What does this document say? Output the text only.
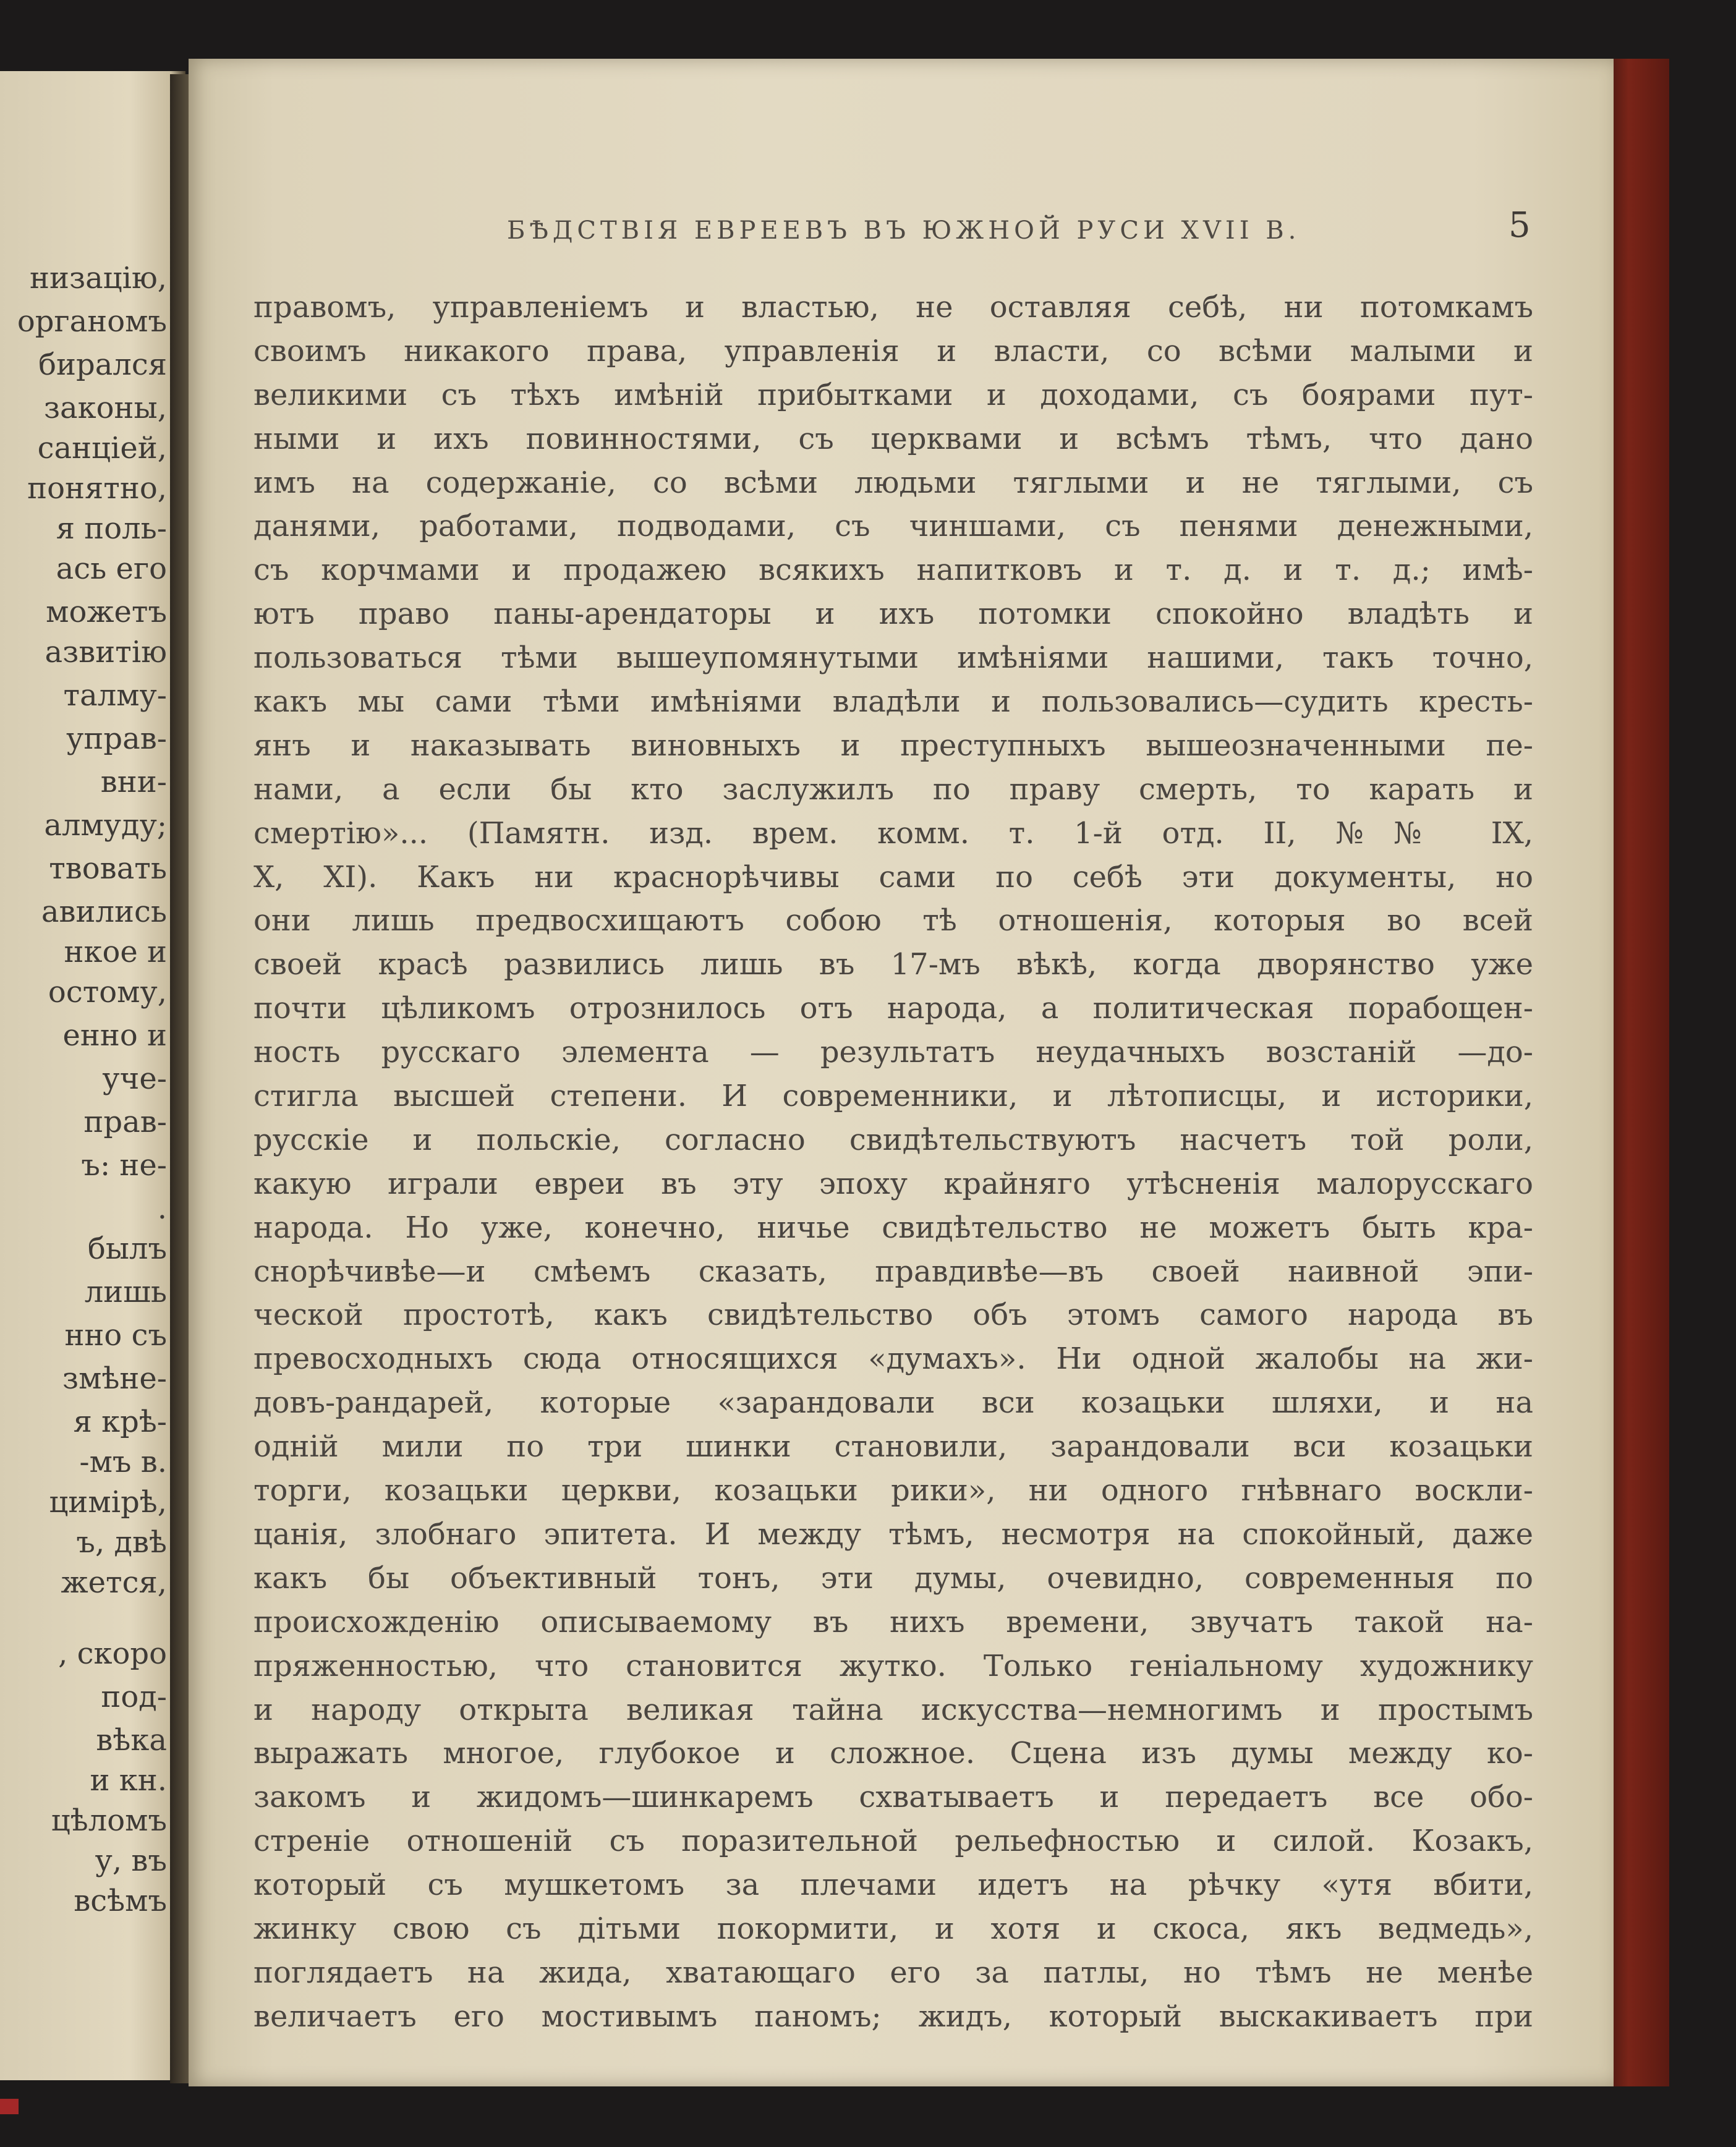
низацію,
органомъ
бирался
законы,
санціей,
понятно,
я поль-
ась его
можетъ
азвитію
талму-
управ-
вни-
алмуду;
твовать
авились
нкое и
остому,
енно и
уче-
прав-
ъ: не-
.
былъ
лишь
нно съ
змѣне-
я крѣ-
-мъ в.
цимірѣ,
ъ, двѣ
жется,
, скоро
под-
вѣка
и кн.
цѣломъ
у, въ
всѣмъ
БѢДСТВІЯ ЕВРЕЕВЪ ВЪ ЮЖНОЙ РУСИ XVII В.	5
правомъ, управленіемъ и властью, не оставляя себѣ, ни потомкамъ
своимъ никакого права, управленія и власти, со всѣми малыми и
великими съ тѣхъ имѣній прибытками и доходами, съ боярами пут-
ными и ихъ повинностями, съ церквами и всѣмъ тѣмъ, что дано
имъ на содержаніе, со всѣми людьми тяглыми и не тяглыми, съ
данями, работами, подводами, съ чиншами, съ пенями денежными,
съ корчмами и продажею всякихъ напитковъ и т. д. и т. д.; имѣ-
ютъ право паны-арендаторы и ихъ потомки спокойно владѣть и
пользоваться тѣми вышеупомянутыми имѣніями нашими, такъ точно,
какъ мы сами тѣми имѣніями владѣли и пользовались—судить кресть-
янъ и наказывать виновныхъ и преступныхъ вышеозначенными пе-
нами, а если бы кто заслужилъ по праву смерть, то карать и
смертію»... (Памятн. изд. врем. комм. т. 1-й отд. II, №№ IX,
X, XI). Какъ ни краснорѣчивы сами по себѣ эти документы, но
они лишь предвосхищаютъ собою тѣ отношенія, которыя во всей
своей красѣ развились лишь въ 17-мъ вѣкѣ, когда дворянство уже
почти цѣликомъ отрознилось отъ народа, а политическая порабощен-
ность русскаго элемента — результатъ неудачныхъ возстаній —до-
стигла высшей степени. И современники, и лѣтописцы, и историки,
русскіе и польскіе, согласно свидѣтельствуютъ насчетъ той роли,
какую играли евреи въ эту эпоху крайняго утѣсненія малорусскаго
народа. Но уже, конечно, ничье свидѣтельство не можетъ быть кра-
снорѣчивѣе—и смѣемъ сказать, правдивѣе—въ своей наивной эпи-
ческой простотѣ, какъ свидѣтельство объ этомъ самого народа въ
превосходныхъ сюда относящихся «думахъ». Ни одной жалобы на жи-
довъ-рандарей, которые «зарандовали вси козацьки шляхи, и на
однiй мили по три шинки становили, зарандовали вси козацьки
торги, козацьки церкви, козацьки рики», ни одного гнѣвнаго воскли-
цанія, злобнаго эпитета. И между тѣмъ, несмотря на спокойный, даже
какъ бы объективный тонъ, эти думы, очевидно, современныя по
происхожденію описываемому въ нихъ времени, звучатъ такой на-
пряженностью, что становится жутко. Только геніальному художнику
и народу открыта великая тайна искусства—немногимъ и простымъ
выражать многое, глубокое и сложное. Сцена изъ думы между ко-
закомъ и жидомъ—шинкаремъ схватываетъ и передаетъ все обо-
стреніе отношеній съ поразительной рельефностью и силой. Козакъ,
который съ мушкетомъ за плечами идетъ на рѣчку «утя вбити,
жинку свою съ дітьми покормити, и хотя и скоса, якъ ведмедь»,
поглядаетъ на жида, хватающаго его за патлы, но тѣмъ не менѣе
величаетъ его мостивымъ паномъ; жидъ, который выскакиваетъ при
